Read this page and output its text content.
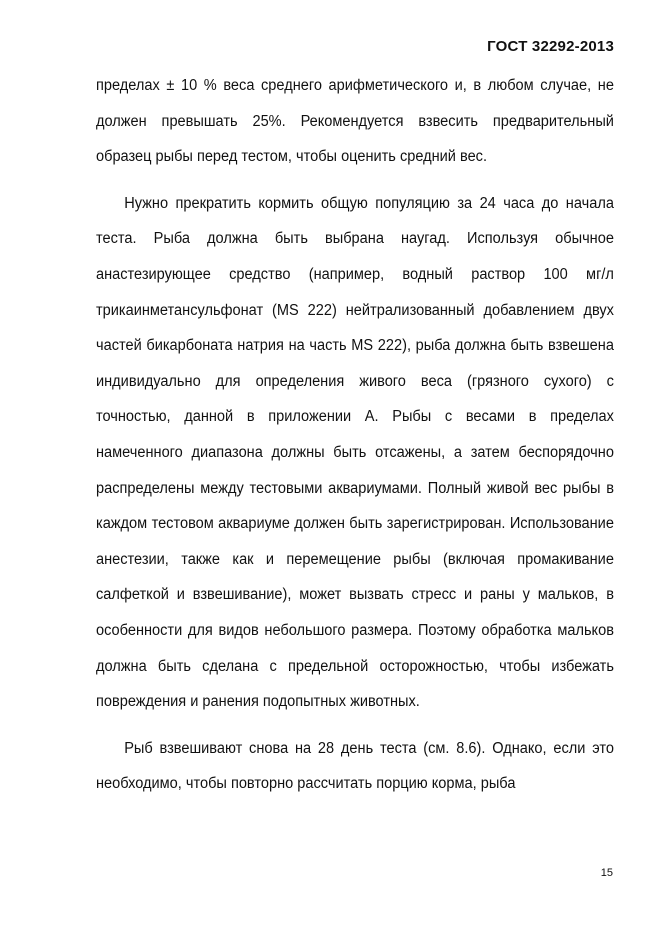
ГОСТ 32292-2013

пределах ± 10 % веса среднего арифметического и, в любом случае, не должен превышать 25%. Рекомендуется взвесить предварительный образец рыбы перед тестом, чтобы оценить средний вес.

Нужно прекратить кормить общую популяцию за 24 часа до начала теста. Рыба должна быть выбрана наугад. Используя обычное анастезирующее средство (например, водный раствор 100 мг/л трикаинметансульфонат (MS 222) нейтрализованный добавлением двух частей бикарбоната натрия на часть MS 222), рыба должна быть взвешена индивидуально для определения живого веса (грязного сухого) с точностью, данной в приложении А. Рыбы с весами в пределах намеченного диапазона должны быть отсажены, а затем беспорядочно распределены между тестовыми аквариумами. Полный живой вес рыбы в каждом тестовом аквариуме должен быть зарегистрирован. Использование анестезии, также как и перемещение рыбы (включая промакивание салфеткой и взвешивание), может вызвать стресс и раны у мальков, в особенности для видов небольшого размера. Поэтому обработка мальков должна быть сделана с предельной осторожностью, чтобы избежать повреждения и ранения подопытных животных.

Рыб взвешивают снова на 28 день теста (см. 8.6). Однако, если это необходимо, чтобы повторно рассчитать порцию корма, рыба

15
